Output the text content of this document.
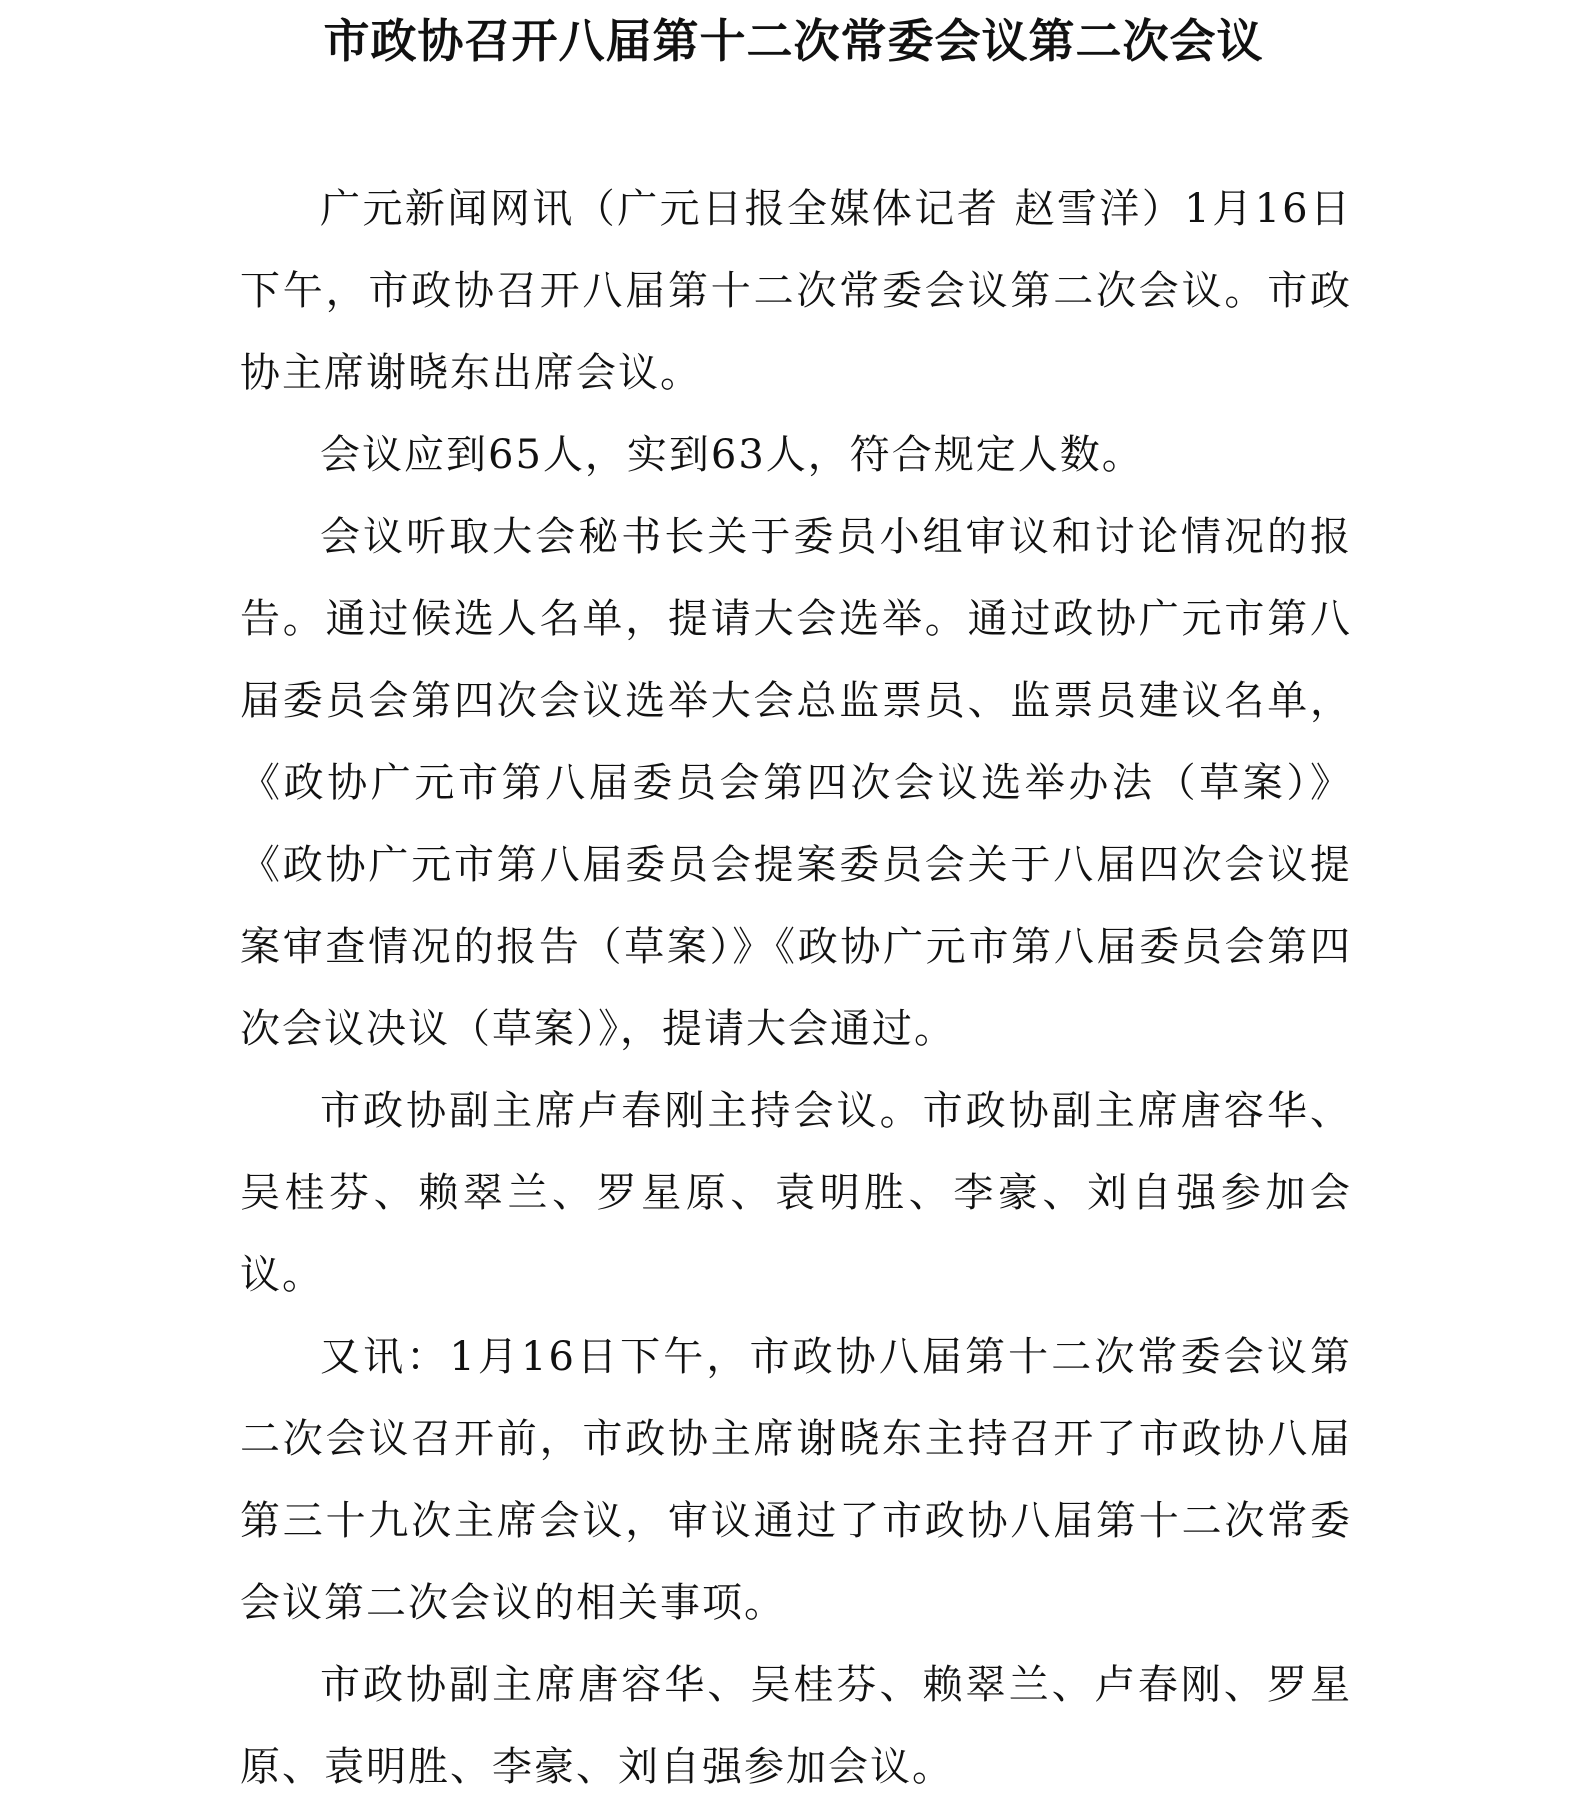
市政协召开八届第十二次常委会议第二次会议

广元新闻网讯（广元日报全媒体记者 赵雪洋）1月16日下午，市政协召开八届第十二次常委会议第二次会议。市政协主席谢晓东出席会议。

会议应到65人，实到63人，符合规定人数。

会议听取大会秘书长关于委员小组审议和讨论情况的报告。通过候选人名单，提请大会选举。通过政协广元市第八届委员会第四次会议选举大会总监票员、监票员建议名单，《政协广元市第八届委员会第四次会议选举办法（草案）》《政协广元市第八届委员会提案委员会关于八届四次会议提案审查情况的报告（草案）》《政协广元市第八届委员会第四次会议决议（草案）》，提请大会通过。

市政协副主席卢春刚主持会议。市政协副主席唐容华、吴桂芬、赖翠兰、罗星原、袁明胜、李豪、刘自强参加会议。

又讯：1月16日下午，市政协八届第十二次常委会议第二次会议召开前，市政协主席谢晓东主持召开了市政协八届第三十九次主席会议，审议通过了市政协八届第十二次常委会议第二次会议的相关事项。

市政协副主席唐容华、吴桂芬、赖翠兰、卢春刚、罗星原、袁明胜、李豪、刘自强参加会议。
